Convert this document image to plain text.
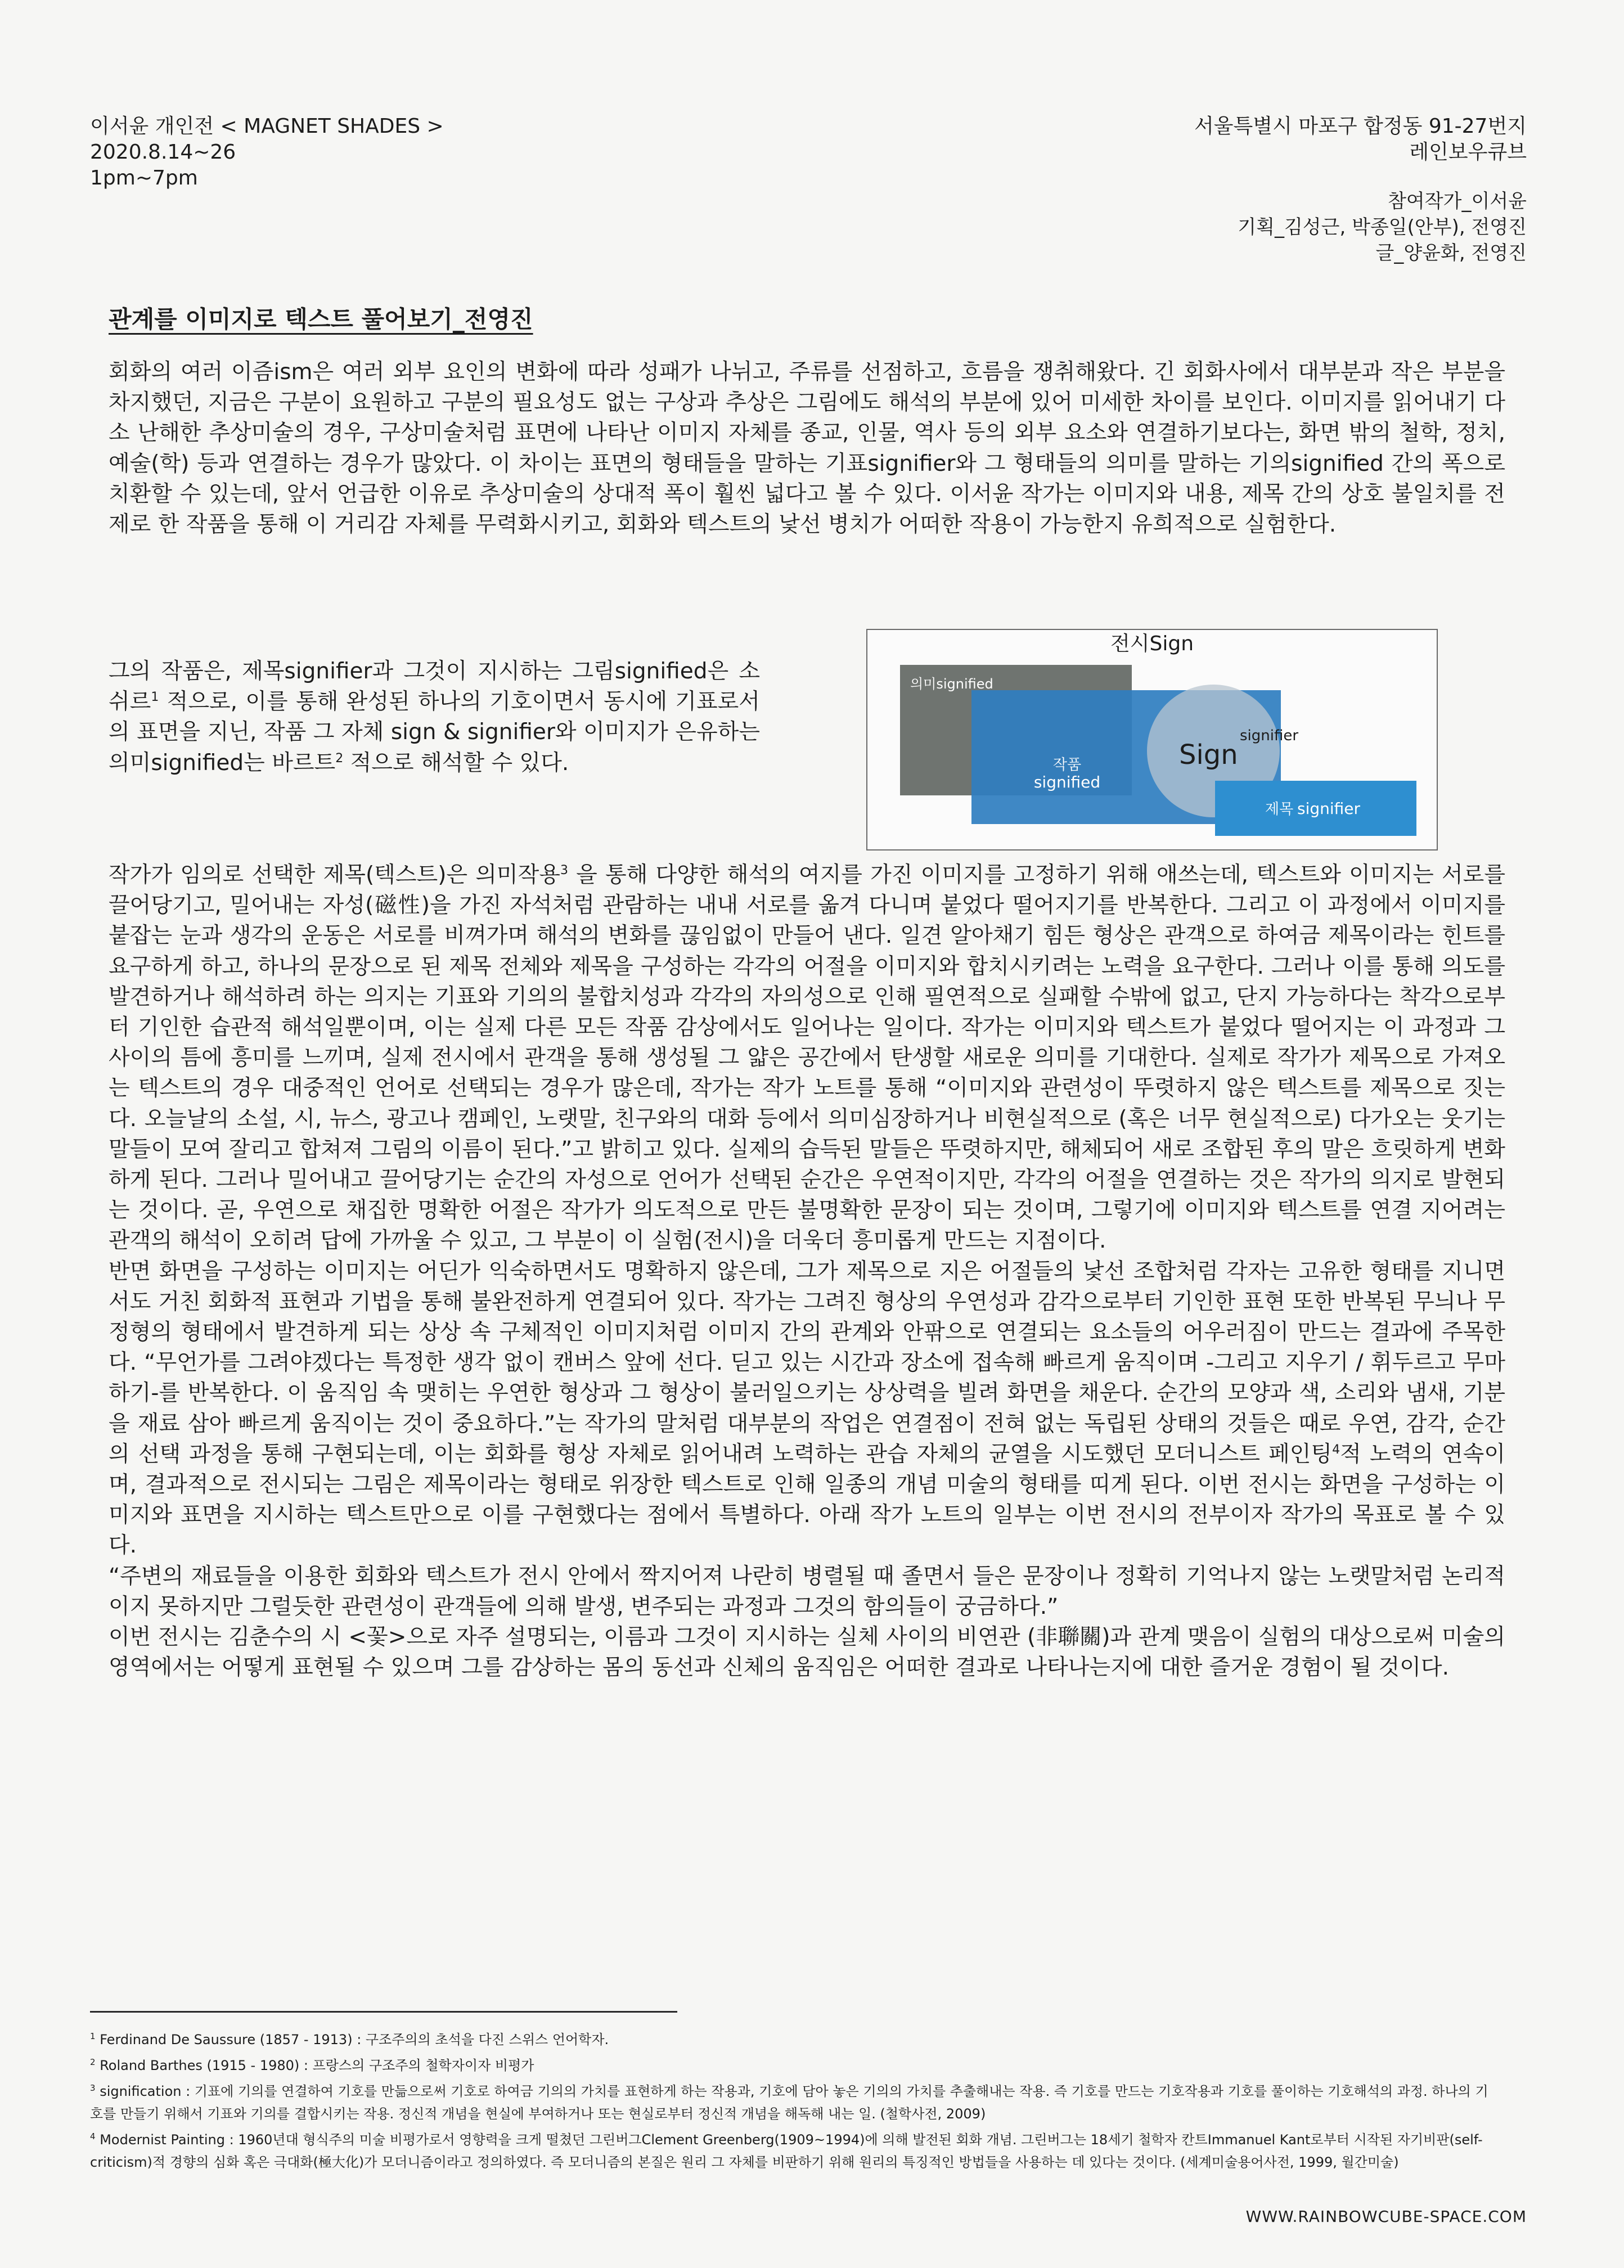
이서윤 개인전 < MAGNET SHADES >
2020.8.14~26
1pm~7pm
서울특별시 마포구 합정동 91-27번지
레인보우큐브
참여작가_이서윤
기획_김성근, 박종일(안부), 전영진
글_양윤화, 전영진
관계를 이미지로 텍스트 풀어보기_전영진

회화의 여러 이즘ism은 여러 외부 요인의 변화에 따라 성패가 나뉘고, 주류를 선점하고, 흐름을 쟁취해왔다. 긴 회화사에서 대부분과 작은 부분을 차지했던, 지금은 구분이 요원하고 구분의 필요성도 없는 구상과 추상은 그림에도 해석의 부분에 있어 미세한 차이를 보인다. 이미지를 읽어내기 다소 난해한 추상미술의 경우, 구상미술처럼 표면에 나타난 이미지 자체를 종교, 인물, 역사 등의 외부 요소와 연결하기보다는, 화면 밖의 철학, 정치, 예술(학) 등과 연결하는 경우가 많았다. 이 차이는 표면의 형태들을 말하는 기표signifier와 그 형태들의 의미를 말하는 기의signified 간의 폭으로 치환할 수 있는데, 앞서 언급한 이유로 추상미술의 상대적 폭이 훨씬 넓다고 볼 수 있다. 이서윤 작가는 이미지와 내용, 제목 간의 상호 불일치를 전제로 한 작품을 통해 이 거리감 자체를 무력화시키고, 회화와 텍스트의 낯선 병치가 어떠한 작용이 가능한지 유희적으로 실험한다.

그의 작품은, 제목signifier과 그것이 지시하는 그림signified은 소쉬르$^1$ 적으로, 이를 통해 완성된 하나의 기호이면서 동시에 기표로서의 표면을 지닌, 작품 그 자체 sign & signifier와 이미지가 은유하는 의미signified는 바르트$^2$ 적으로 해석할 수 있다.

전시Sign
의미signified
작품
signified
signifier
Sign
제목 signifier

작가가 임의로 선택한 제목(텍스트)은 의미작용$^3$ 을 통해 다양한 해석의 여지를 가진 이미지를 고정하기 위해 애쓰는데, 텍스트와 이미지는 서로를 끌어당기고, 밀어내는 자성(磁性)을 가진 자석처럼 관람하는 내내 서로를 옮겨 다니며 붙었다 떨어지기를 반복한다. 그리고 이 과정에서 이미지를 붙잡는 눈과 생각의 운동은 서로를 비껴가며 해석의 변화를 끊임없이 만들어 낸다. 일견 알아채기 힘든 형상은 관객으로 하여금 제목이라는 힌트를 요구하게 하고, 하나의 문장으로 된 제목 전체와 제목을 구성하는 각각의 어절을 이미지와 합치시키려는 노력을 요구한다. 그러나 이를 통해 의도를 발견하거나 해석하려 하는 의지는 기표와 기의의 불합치성과 각각의 자의성으로 인해 필연적으로 실패할 수밖에 없고, 단지 가능하다는 착각으로부터 기인한 습관적 해석일뿐이며, 이는 실제 다른 모든 작품 감상에서도 일어나는 일이다. 작가는 이미지와 텍스트가 붙었다 떨어지는 이 과정과 그 사이의 틈에 흥미를 느끼며, 실제 전시에서 관객을 통해 생성될 그 얇은 공간에서 탄생할 새로운 의미를 기대한다. 실제로 작가가 제목으로 가져오는 텍스트의 경우 대중적인 언어로 선택되는 경우가 많은데, 작가는 작가 노트를 통해 “이미지와 관련성이 뚜렷하지 않은 텍스트를 제목으로 짓는다. 오늘날의 소설, 시, 뉴스, 광고나 캠페인, 노랫말, 친구와의 대화 등에서 의미심장하거나 비현실적으로 (혹은 너무 현실적으로) 다가오는 웃기는 말들이 모여 잘리고 합쳐져 그림의 이름이 된다.”고 밝히고 있다. 실제의 습득된 말들은 뚜렷하지만, 해체되어 새로 조합된 후의 말은 흐릿하게 변화하게 된다. 그러나 밀어내고 끌어당기는 순간의 자성으로 언어가 선택된 순간은 우연적이지만, 각각의 어절을 연결하는 것은 작가의 의지로 발현되는 것이다. 곧, 우연으로 채집한 명확한 어절은 작가가 의도적으로 만든 불명확한 문장이 되는 것이며, 그렇기에 이미지와 텍스트를 연결 지어려는 관객의 해석이 오히려 답에 가까울 수 있고, 그 부분이 이 실험(전시)을 더욱더 흥미롭게 만드는 지점이다.

반면 화면을 구성하는 이미지는 어딘가 익숙하면서도 명확하지 않은데, 그가 제목으로 지은 어절들의 낯선 조합처럼 각자는 고유한 형태를 지니면서도 거친 회화적 표현과 기법을 통해 불완전하게 연결되어 있다. 작가는 그려진 형상의 우연성과 감각으로부터 기인한 표현 또한 반복된 무늬나 무정형의 형태에서 발견하게 되는 상상 속 구체적인 이미지처럼 이미지 간의 관계와 안팎으로 연결되는 요소들의 어우러짐이 만드는 결과에 주목한다. “무언가를 그려야겠다는 특정한 생각 없이 캔버스 앞에 선다. 딛고 있는 시간과 장소에 접속해 빠르게 움직이며 -그리고 지우기 / 휘두르고 무마하기-를 반복한다. 이 움직임 속 맺히는 우연한 형상과 그 형상이 불러일으키는 상상력을 빌려 화면을 채운다. 순간의 모양과 색, 소리와 냄새, 기분을 재료 삼아 빠르게 움직이는 것이 중요하다.”는 작가의 말처럼 대부분의 작업은 연결점이 전혀 없는 독립된 상태의 것들은 때로 우연, 감각, 순간의 선택 과정을 통해 구현되는데, 이는 회화를 형상 자체로 읽어내려 노력하는 관습 자체의 균열을 시도했던 모더니스트 페인팅$^4$적 노력의 연속이며, 결과적으로 전시되는 그림은 제목이라는 형태로 위장한 텍스트로 인해 일종의 개념 미술의 형태를 띠게 된다. 이번 전시는 화면을 구성하는 이미지와 표면을 지시하는 텍스트만으로 이를 구현했다는 점에서 특별하다. 아래 작가 노트의 일부는 이번 전시의 전부이자 작가의 목표로 볼 수 있다.

“주변의 재료들을 이용한 회화와 텍스트가 전시 안에서 짝지어져 나란히 병렬될 때 졸면서 들은 문장이나 정확히 기억나지 않는 노랫말처럼 논리적이지 못하지만 그럴듯한 관련성이 관객들에 의해 발생, 변주되는 과정과 그것의 함의들이 궁금하다.”

이번 전시는 김춘수의 시 <꽃>으로 자주 설명되는, 이름과 그것이 지시하는 실체 사이의 비연관 (非聯關)과 관계 맺음이 실험의 대상으로써 미술의 영역에서는 어떻게 표현될 수 있으며 그를 감상하는 몸의 동선과 신체의 움직임은 어떠한 결과로 나타나는지에 대한 즐거운 경험이 될 것이다.

$^1$ Ferdinand De Saussure (1857 - 1913) : 구조주의의 초석을 다진 스위스 언어학자.

$^2$ Roland Barthes (1915 - 1980) : 프랑스의 구조주의 철학자이자 비평가

$^3$ signification : 기표에 기의를 연결하여 기호를 만듦으로써 기호로 하여금 기의의 가치를 표현하게 하는 작용과, 기호에 담아 놓은 기의의 가치를 추출해내는 작용. 즉 기호를 만드는 기호작용과 기호를 풀이하는 기호해석의 과정. 하나의 기호를 만들기 위해서 기표와 기의를 결합시키는 작용. 정신적 개념을 현실에 부여하거나 또는 현실로부터 정신적 개념을 해독해 내는 일. (철학사전, 2009)

$^4$ Modernist Painting : 1960년대 형식주의 미술 비평가로서 영향력을 크게 떨쳤던 그린버그Clement Greenberg(1909~1994)에 의해 발전된 회화 개념. 그린버그는 18세기 철학자 칸트Immanuel Kant로부터 시작된 자기비판(self-criticism)적 경향의 심화 혹은 극대화(極大化)가 모더니즘이라고 정의하였다. 즉 모더니즘의 본질은 원리 그 자체를 비판하기 위해 원리의 특징적인 방법들을 사용하는 데 있다는 것이다. (세계미술용어사전, 1999, 월간미술)

WWW.RAINBOWCUBE-SPACE.COM
